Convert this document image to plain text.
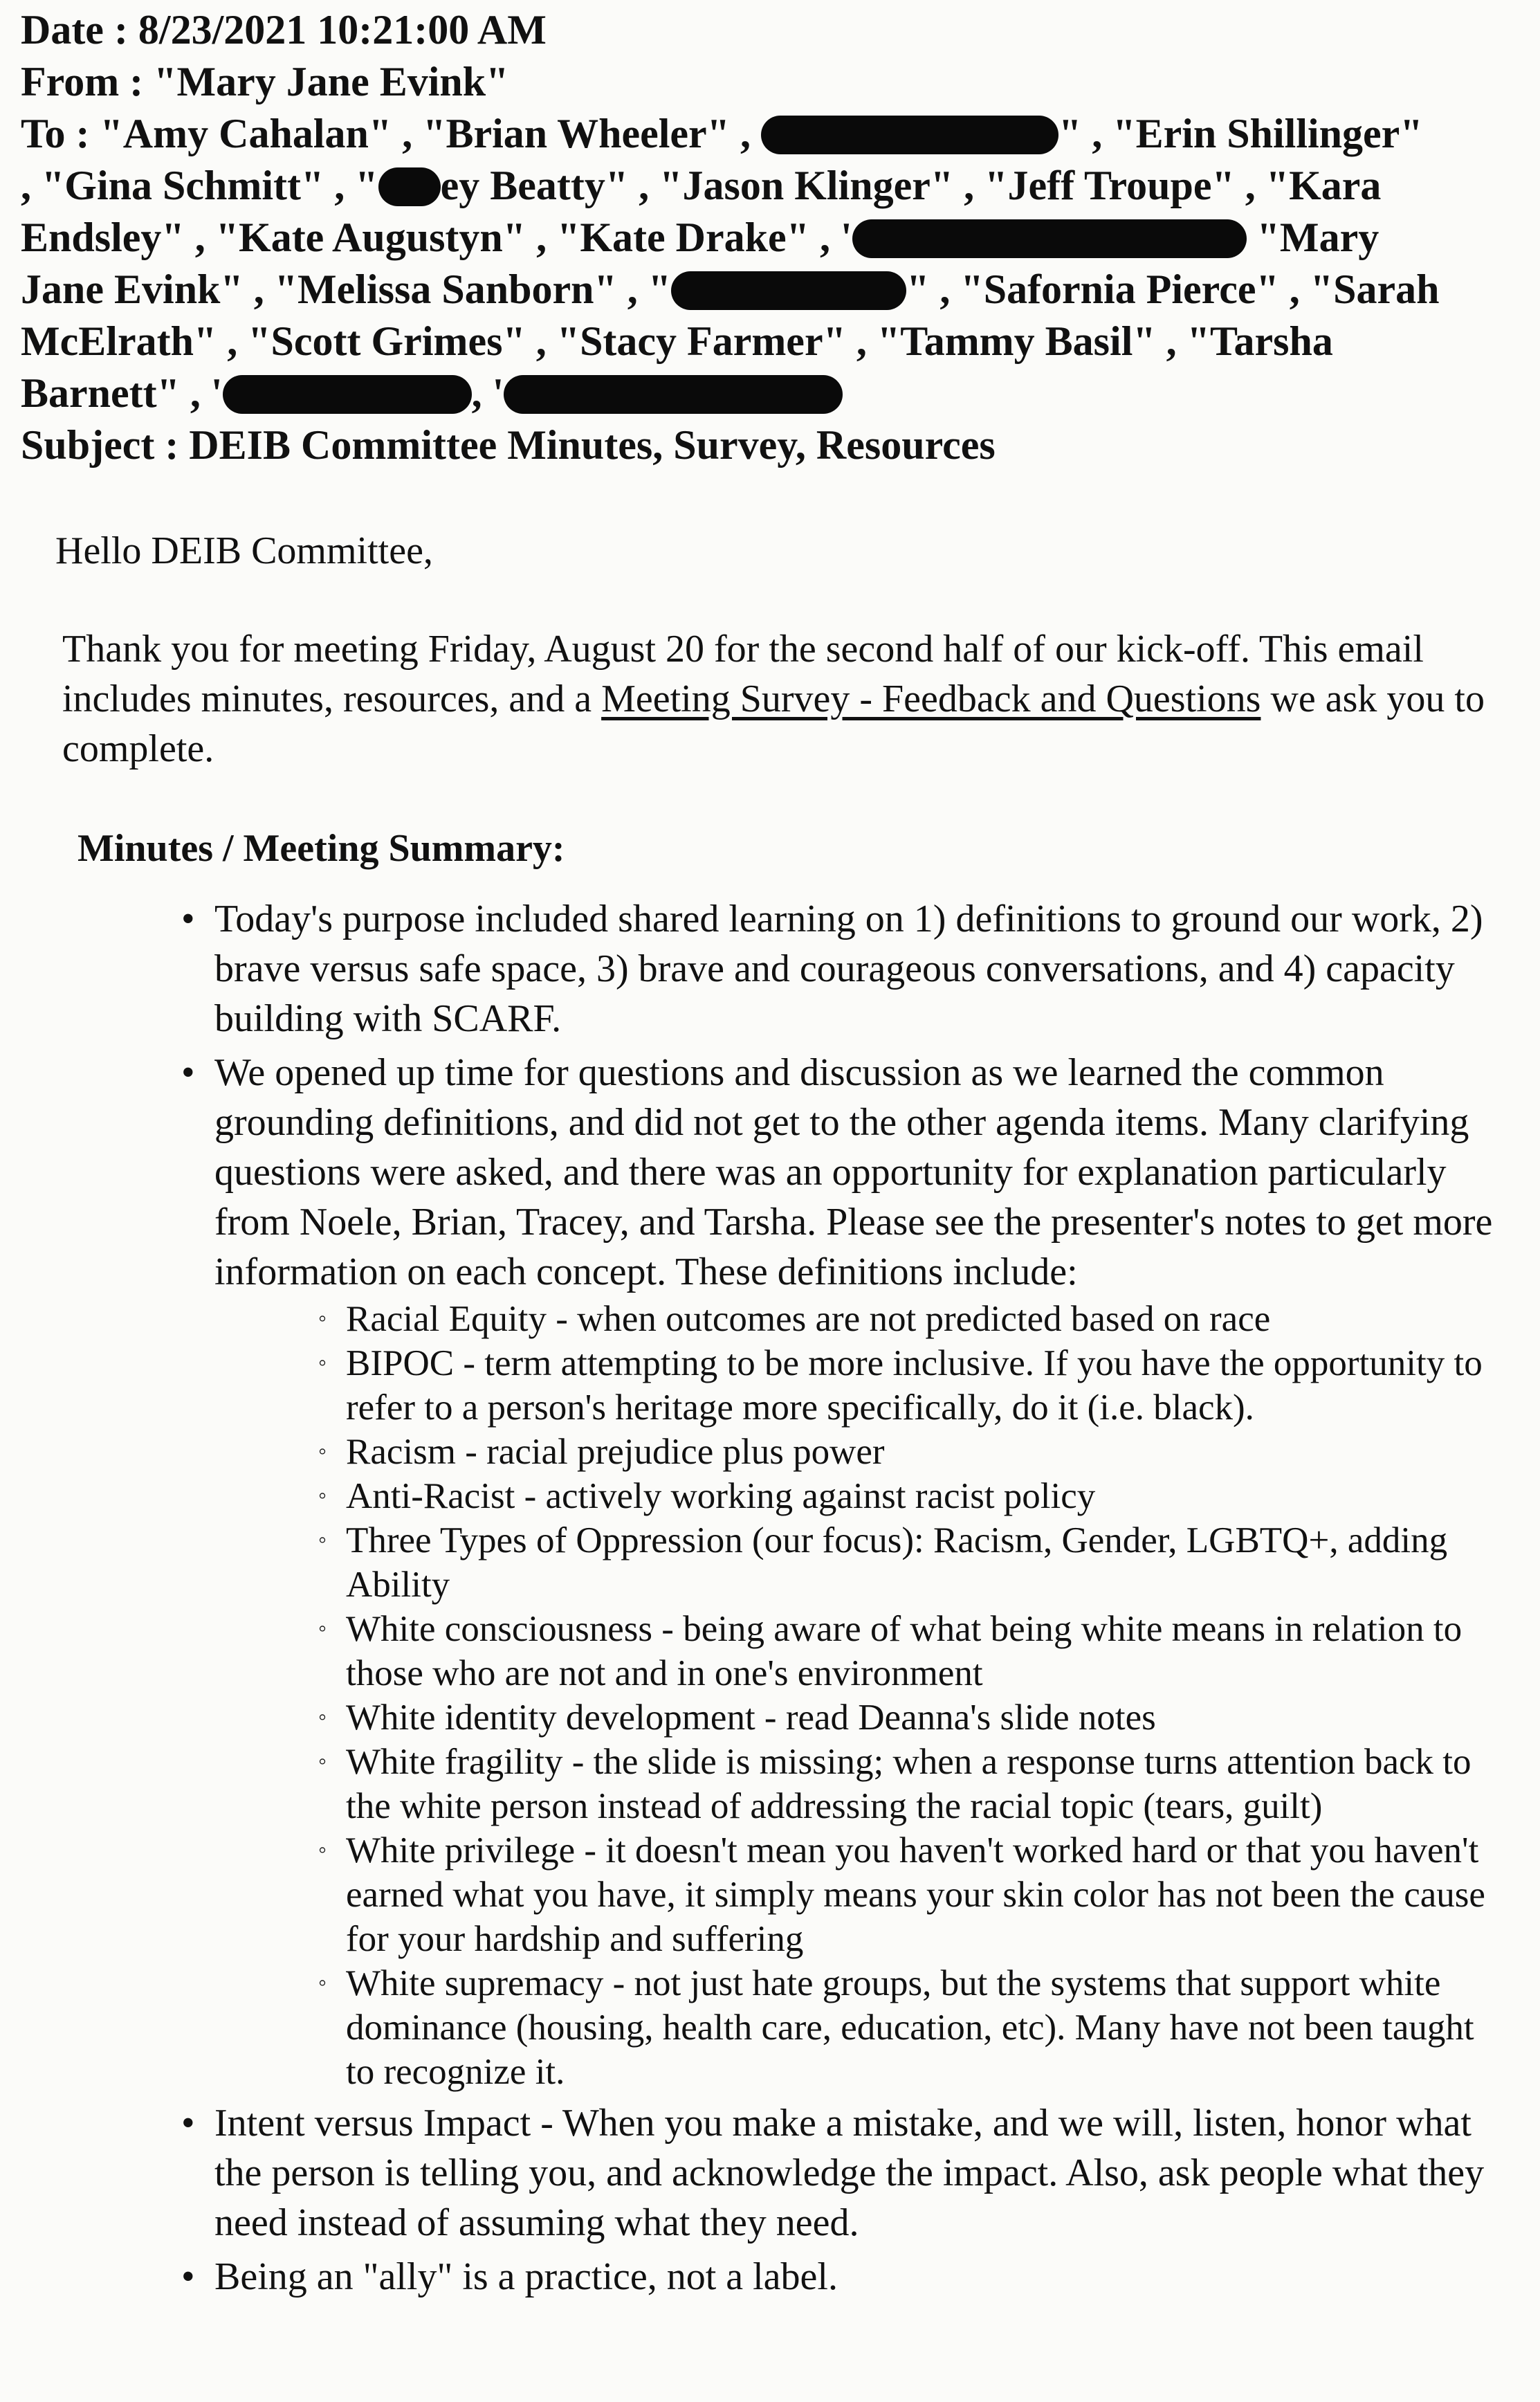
Date : 8/23/2021 10:21:00 AM
From : "Mary Jane Evink"
To : "Amy Cahalan" , "Brian Wheeler" ,	" , "Erin Shillinger"
, "Gina Schmitt" , " ey Beatty" , "Jason Klinger" , "Jeff Troupe" , "Kara
Endsley" , "Kate Augustyn" , "Kate Drake" , '	"Mary
Jane Evink" , "Melissa Sanborn" , "	" , "Safornia Pierce" , "Sarah
McElrath" , "Scott Grimes" , "Stacy Farmer" , "Tammy Basil" , "Tarsha
Barnett" , '	, '
Subject : DEIB Committee Minutes, Survey, Resources

Hello DEIB Committee,

Thank you for meeting Friday, August 20 for the second half of our kick-off. This email includes minutes, resources, and a Meeting Survey - Feedback and Questions we ask you to complete.
Minutes / Meeting Summary:
• Today's purpose included shared learning on 1) definitions to ground our work, 2) brave versus safe space, 3) brave and courageous conversations, and 4) capacity building with SCARF.
• We opened up time for questions and discussion as we learned the common grounding definitions, and did not get to the other agenda items. Many clarifying questions were asked, and there was an opportunity for explanation particularly from Noele, Brian, Tracey, and Tarsha. Please see the presenter's notes to get more information on each concept. These definitions include:
◦ Racial Equity - when outcomes are not predicted based on race
◦ BIPOC - term attempting to be more inclusive. If you have the opportunity to refer to a person's heritage more specifically, do it (i.e. black).
◦ Racism - racial prejudice plus power
◦ Anti-Racist - actively working against racist policy
◦ Three Types of Oppression (our focus): Racism, Gender, LGBTQ+, adding Ability
◦ White consciousness - being aware of what being white means in relation to those who are not and in one's environment
◦ White identity development - read Deanna's slide notes
◦ White fragility - the slide is missing; when a response turns attention back to the white person instead of addressing the racial topic (tears, guilt)
◦ White privilege - it doesn't mean you haven't worked hard or that you haven't earned what you have, it simply means your skin color has not been the cause for your hardship and suffering
◦ White supremacy - not just hate groups, but the systems that support white dominance (housing, health care, education, etc). Many have not been taught to recognize it.
• Intent versus Impact - When you make a mistake, and we will, listen, honor what the person is telling you, and acknowledge the impact. Also, ask people what they need instead of assuming what they need.
• Being an "ally" is a practice, not a label.
